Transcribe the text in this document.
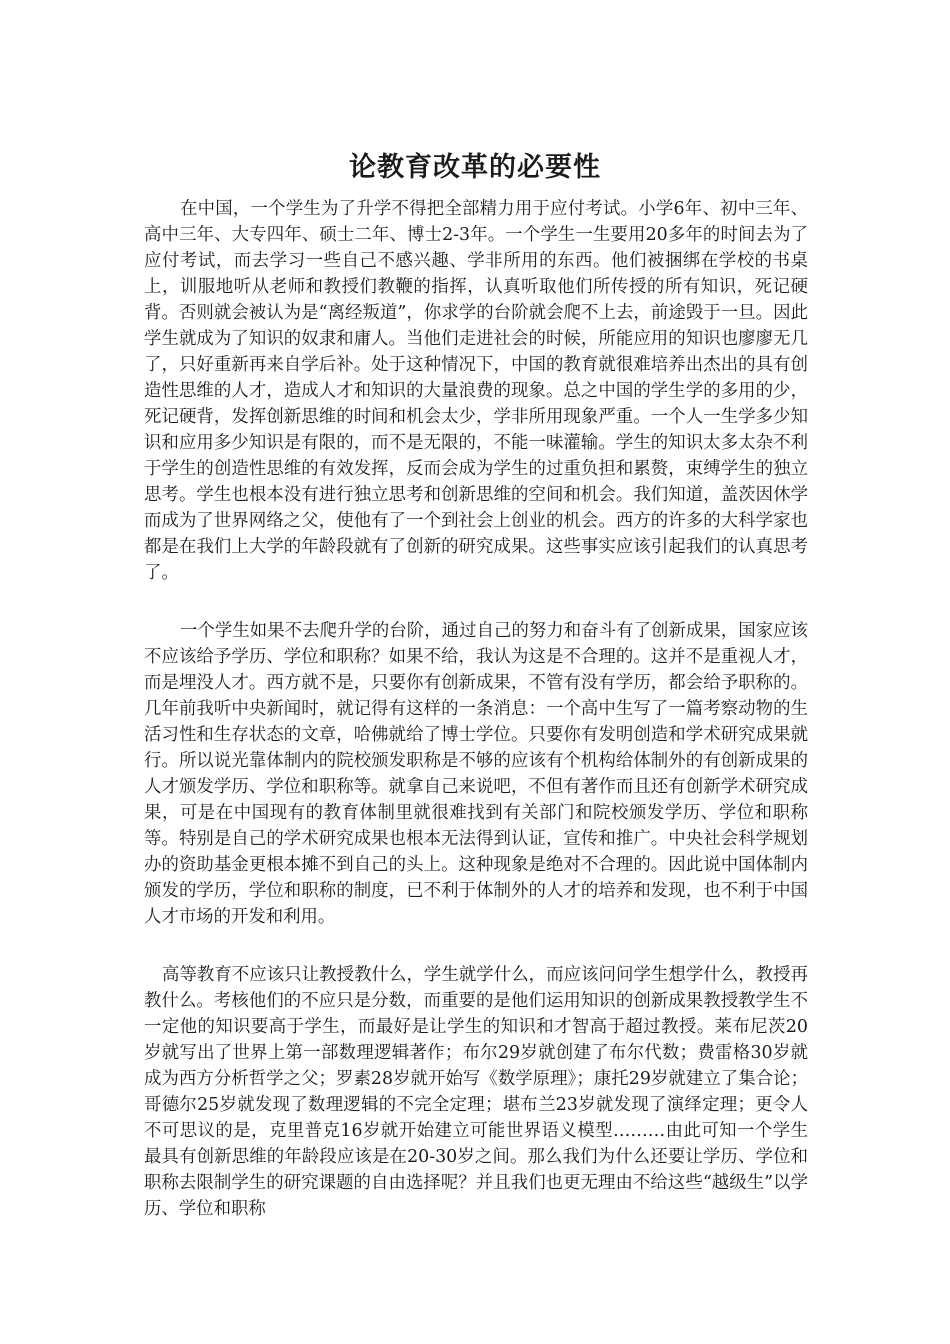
论教育改革的必要性

在中国，一个学生为了升学不得把全部精力用于应付考试。小学6年、初中三年、高中三年、大专四年、硕士二年、博士2-3年。一个学生一生要用20多年的时间去为了应付考试，而去学习一些自己不感兴趣、学非所用的东西。他们被捆绑在学校的书桌上，训服地听从老师和教授们教鞭的指挥，认真听取他们所传授的所有知识，死记硬背。否则就会被认为是“离经叛道”，你求学的台阶就会爬不上去，前途毁于一旦。因此学生就成为了知识的奴隶和庸人。当他们走进社会的时候，所能应用的知识也廖廖无几了，只好重新再来自学后补。处于这种情况下，中国的教育就很难培养出杰出的具有创造性思维的人才，造成人才和知识的大量浪费的现象。总之中国的学生学的多用的少，死记硬背，发挥创新思维的时间和机会太少，学非所用现象严重。一个人一生学多少知识和应用多少知识是有限的，而不是无限的，不能一味灌输。学生的知识太多太杂不利于学生的创造性思维的有效发挥，反而会成为学生的过重负担和累赘，束缚学生的独立思考。学生也根本没有进行独立思考和创新思维的空间和机会。我们知道，盖茨因休学而成为了世界网络之父，使他有了一个到社会上创业的机会。西方的许多的大科学家也都是在我们上大学的年龄段就有了创新的研究成果。这些事实应该引起我们的认真思考了。

一个学生如果不去爬升学的台阶，通过自己的努力和奋斗有了创新成果，国家应该不应该给予学历、学位和职称？如果不给，我认为这是不合理的。这并不是重视人才，而是埋没人才。西方就不是，只要你有创新成果，不管有没有学历，都会给予职称的。几年前我听中央新闻时，就记得有这样的一条消息：一个高中生写了一篇考察动物的生活习性和生存状态的文章，哈佛就给了博士学位。只要你有发明创造和学术研究成果就行。所以说光靠体制内的院校颁发职称是不够的应该有个机构给体制外的有创新成果的人才颁发学历、学位和职称等。就拿自己来说吧，不但有著作而且还有创新学术研究成果，可是在中国现有的教育体制里就很难找到有关部门和院校颁发学历、学位和职称等。特别是自己的学术研究成果也根本无法得到认证，宣传和推广。中央社会科学规划办的资助基金更根本摊不到自己的头上。这种现象是绝对不合理的。因此说中国体制内颁发的学历，学位和职称的制度，已不利于体制外的人才的培养和发现，也不利于中国人才市场的开发和利用。

高等教育不应该只让教授教什么，学生就学什么，而应该问问学生想学什么，教授再教什么。考核他们的不应只是分数，而重要的是他们运用知识的创新成果教授教学生不一定他的知识要高于学生，而最好是让学生的知识和才智高于超过教授。莱布尼茨20岁就写出了世界上第一部数理逻辑著作；布尔29岁就创建了布尔代数；费雷格30岁就成为西方分析哲学之父；罗素28岁就开始写《数学原理》；康托29岁就建立了集合论；哥德尔25岁就发现了数理逻辑的不完全定理；堪布兰23岁就发现了演绎定理；更令人不可思议的是，克里普克16岁就开始建立可能世界语义模型………由此可知一个学生最具有创新思维的年龄段应该是在20-30岁之间。那么我们为什么还要让学历、学位和职称去限制学生的研究课题的自由选择呢？并且我们也更无理由不给这些“越级生”以学历、学位和职称
